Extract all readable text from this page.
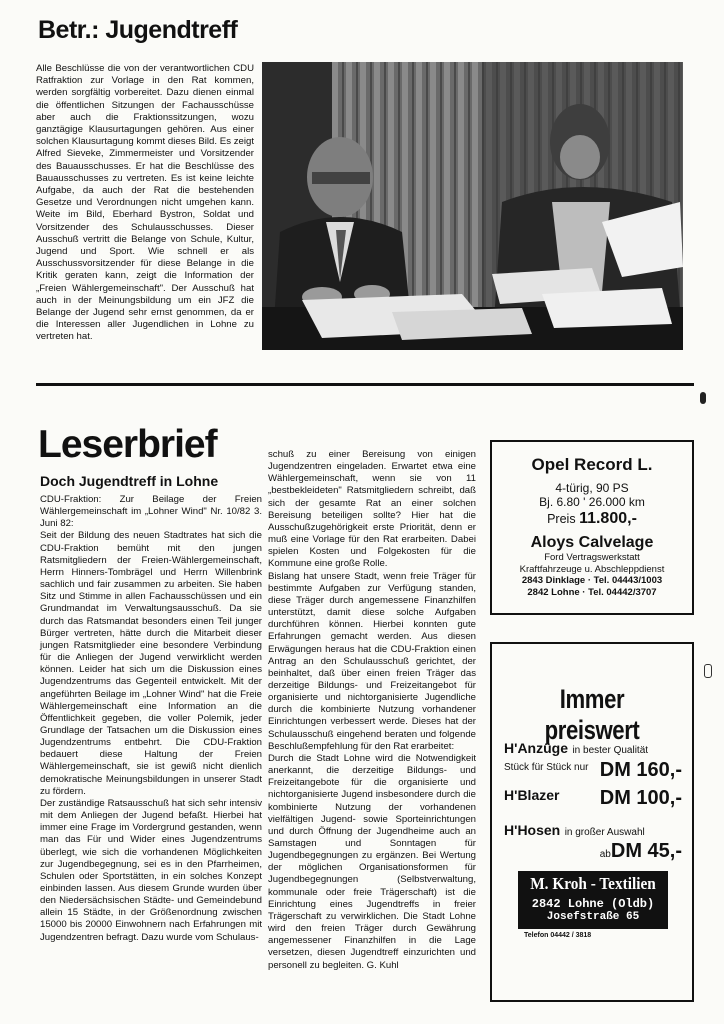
Betr.: Jugendtreff
Alle Beschlüsse die von der verantwortlichen CDU Ratfraktion zur Vorlage in den Rat kommen, werden sorgfältig vorbereitet. Dazu dienen einmal die öffentlichen Sitzungen der Fachausschüsse aber auch die Fraktionssitzungen, wozu ganztägige Klausurtagungen gehören. Aus einer solchen Klausurtagung kommt dieses Bild. Es zeigt Alfred Sieveke, Zimmermeister und Vorsitzender des Bauausschusses. Er hat die Beschlüsse des Bauausschusses zu vertreten. Es ist keine leichte Aufgabe, da auch der Rat die bestehenden Gesetze und Verordnungen nicht umgehen kann. Weite im Bild, Eberhard Bystron, Soldat und Vorsitzender des Schulausschusses. Dieser Ausschuß vertritt die Belange von Schule, Kultur, Jugend und Sport. Wie schnell er als Ausschussvorsitzender für diese Belange in die Kritik geraten kann, zeigt die Information der „Freien Wählergemeinschaft". Der Ausschuß hat auch in der Meinungsbildung um ein JFZ die Belange der Jugend sehr ernst genommen, da er die Interessen aller Jugendlichen in Lohne zu vertreten hat.
Leserbrief
Doch Jugendtreff in Lohne

CDU-Fraktion: Zur Beilage der Freien Wählergemeinschaft im „Lohner Wind" Nr. 10/82 3. Juni 82:

Seit der Bildung des neuen Stadtrates hat sich die CDU-Fraktion bemüht mit den jungen Ratsmitgliedern der Freien-Wählergemeinschaft, Herrn Hinners-Tombrägel und Herrn Willenbrink sachlich und fair zusammen zu arbeiten. Sie haben Sitz und Stimme in allen Fachausschüssen und ein Grundmandat im Verwaltungsausschuß. Da sie durch das Ratsmandat besonders einen Teil junger Bürger vertreten, hätte durch die Mitarbeit dieser jungen Ratsmitglieder eine besondere Verbindung für die Anliegen der Jugend verwirklicht werden können. Leider hat sich um die Diskussion eines Jugendzentrums das Gegenteil entwickelt. Mit der angeführten Beilage im „Lohner Wind" hat die Freie Wählergemeinschaft eine Information an die Öffentlichkeit gegeben, die voller Polemik, jeder Grundlage der Tatsachen um die Diskussion eines Jugendzentrums entbehrt. Die CDU-Fraktion bedauert diese Haltung der Freien Wählergemeinschaft, sie ist gewiß nicht dienlich demokratische Meinungsbildungen in unserer Stadt zu fördern.

Der zuständige Ratsausschuß hat sich sehr intensiv mit dem Anliegen der Jugend befaßt. Hierbei hat immer eine Frage im Vordergrund gestanden, wenn man das Für und Wider eines Jugendzentrums überlegt, wie sich die vorhandenen Möglichkeiten zur Jugendbegegnung, sei es in den Pfarrheimen, Schulen oder Sportstätten, in ein solches Konzept einbinden lassen. Aus diesem Grunde wurden über den Niedersächsischen Städte- und Gemeindebund allein 15 Städte, in der Größenordnung zwischen 15000 bis 20000 Einwohnern nach Erfahrungen mit Jugendzentren befragt. Dazu wurde vom Schulaus-

schuß zu einer Bereisung von einigen Jugendzentren eingeladen. Erwartet etwa eine Wählergemeinschaft, wenn sie von 11 „bestbekleideten" Ratsmitgliedern schreibt, daß sich der gesamte Rat an einer solchen Bereisung beteiligen sollte? Hier hat die Ausschußzugehörigkeit erste Priorität, denn er muß eine Vorlage für den Rat erarbeiten. Dabei spielen Kosten und Folgekosten für die Kommune eine große Rolle.

Bislang hat unsere Stadt, wenn freie Träger für bestimmte Aufgaben zur Verfügung standen, diese Träger durch angemessene Finanzhilfen unterstützt, damit diese solche Aufgaben durchführen können. Hierbei konnten gute Erfahrungen gemacht werden. Aus diesen Erwägungen heraus hat die CDU-Fraktion einen Antrag an den Schulausschuß gerichtet, der beinhaltet, daß über einen freien Träger das derzeitige Bildungs- und Freizeitangebot für organisierte und nichtorganisierte Jugendliche durch die kombinierte Nutzung vorhandener Einrichtungen verbessert werde. Dieses hat der Schulausschuß eingehend beraten und folgende Beschlußempfehlung für den Rat erarbeitet:

Durch die Stadt Lohne wird die Notwendigkeit anerkannt, die derzeitige Bildungs- und Freizeitangebote für die organisierte und nichtorganisierte Jugend insbesondere durch die kombinierte Nutzung der vorhandenen vielfältigen Jugend- sowie Sporteinrichtungen und durch Öffnung der Jugendheime auch an Samstagen und Sonntagen für Jugendbegegnungen zu ergänzen. Bei Wertung der möglichen Organisationsformen für Jugendbegegnungen (Selbstverwaltung, kommunale oder freie Trägerschaft) ist die Einrichtung eines Jugendtreffs in freier Trägerschaft zu verwirklichen. Die Stadt Lohne wird den freien Träger durch Gewährung angemessener Finanzhilfen in die Lage versetzen, diesen Jugendtreff einzurichten und personell zu begleiten. G. Kuhl

Opel Record L.
4-türig, 90 PS
Bj. 6.80 ' 26.000 km
Preis 11.800,-
Aloys Calvelage
Ford Vertragswerkstatt
Kraftfahrzeuge u. Abschleppdienst
2843 Dinklage · Tel. 04443/1003
2842 Lohne · Tel. 04442/3707
Immer preiswert
H'Anzüge in bester Qualität
Stück für Stück nur DM 160,-
H'Blazer DM 100,-
H'Hosen in großer Auswahl
abDM 45,-
M. Kroh - Textilien
2842 Lohne (Oldb)
Josefstraße 65
Telefon 04442 / 3818
